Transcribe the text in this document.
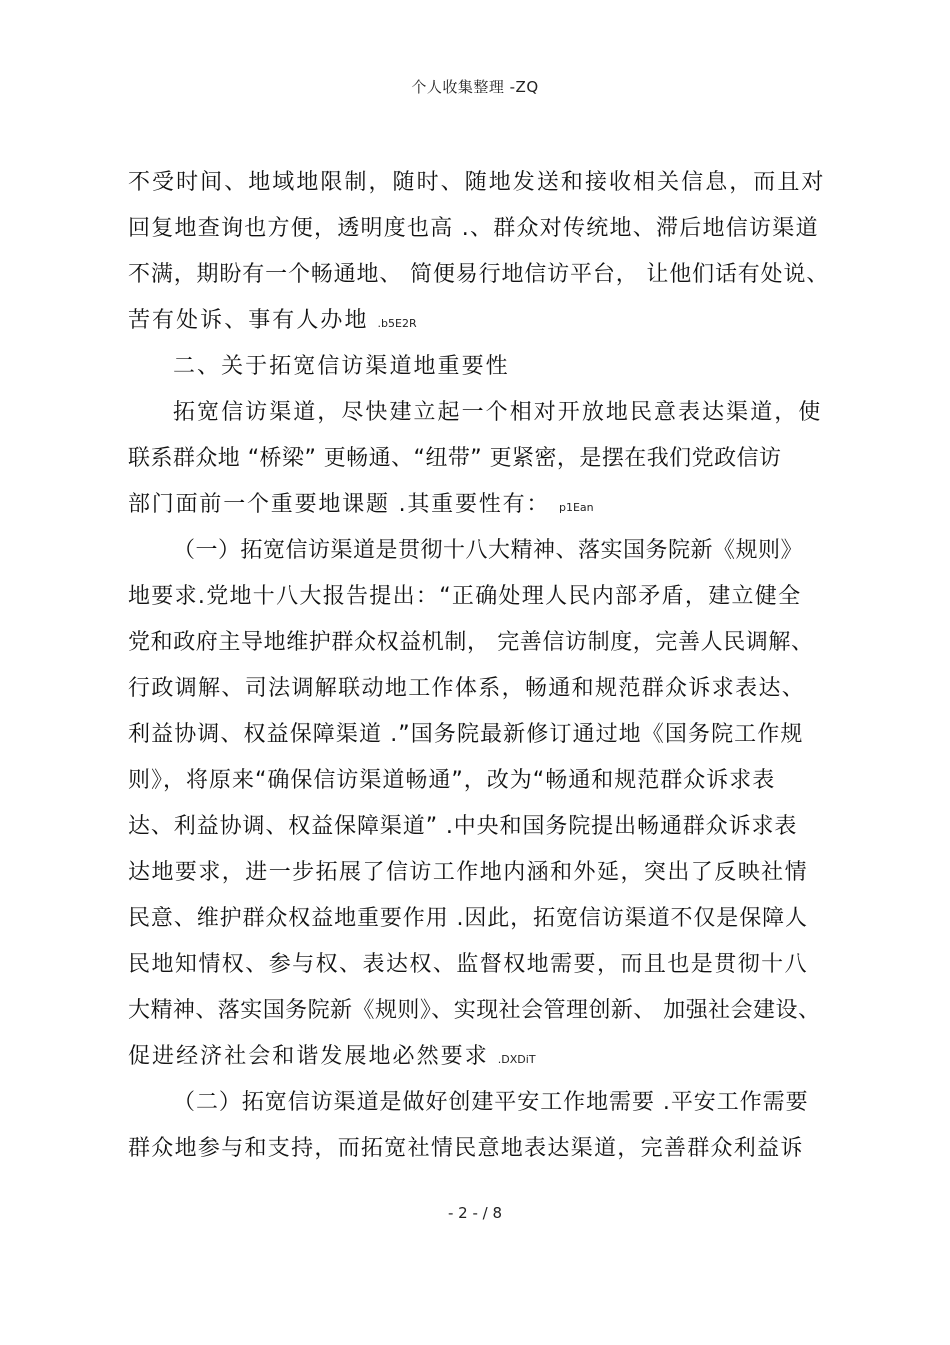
个人收集整理 -ZQ
不受时间、地域地限制，随时、随地发送和接收相关信息，而且对
回复地查询也方便，透明度也高 .、群众对传统地、滞后地信访渠道
不满，期盼有一个畅通地、 简便易行地信访平台， 让他们话有处说、
苦有处诉、事有人办地 .b5E2R
二、关于拓宽信访渠道地重要性
拓宽信访渠道，尽快建立起一个相对开放地民意表达渠道，使
联系群众地 “桥梁” 更畅通、“纽带” 更紧密，是摆在我们党政信访
部门面前一个重要地课题 .其重要性有： p1Ean
（一）拓宽信访渠道是贯彻十八大精神、落实国务院新《规则》
地要求.党地十八大报告提出：“正确处理人民内部矛盾，建立健全
党和政府主导地维护群众权益机制， 完善信访制度，完善人民调解、
行政调解、司法调解联动地工作体系，畅通和规范群众诉求表达、
利益协调、权益保障渠道 .”国务院最新修订通过地《国务院工作规
则》，将原来“确保信访渠道畅通”，改为“畅通和规范群众诉求表
达、利益协调、权益保障渠道” .中央和国务院提出畅通群众诉求表
达地要求，进一步拓展了信访工作地内涵和外延，突出了反映社情
民意、维护群众权益地重要作用 .因此，拓宽信访渠道不仅是保障人
民地知情权、参与权、表达权、监督权地需要，而且也是贯彻十八
大精神、落实国务院新《规则》、实现社会管理创新、 加强社会建设、
促进经济社会和谐发展地必然要求 .DXDiT
（二）拓宽信访渠道是做好创建平安工作地需要 .平安工作需要
群众地参与和支持，而拓宽社情民意地表达渠道，完善群众利益诉
- 2 - / 8
